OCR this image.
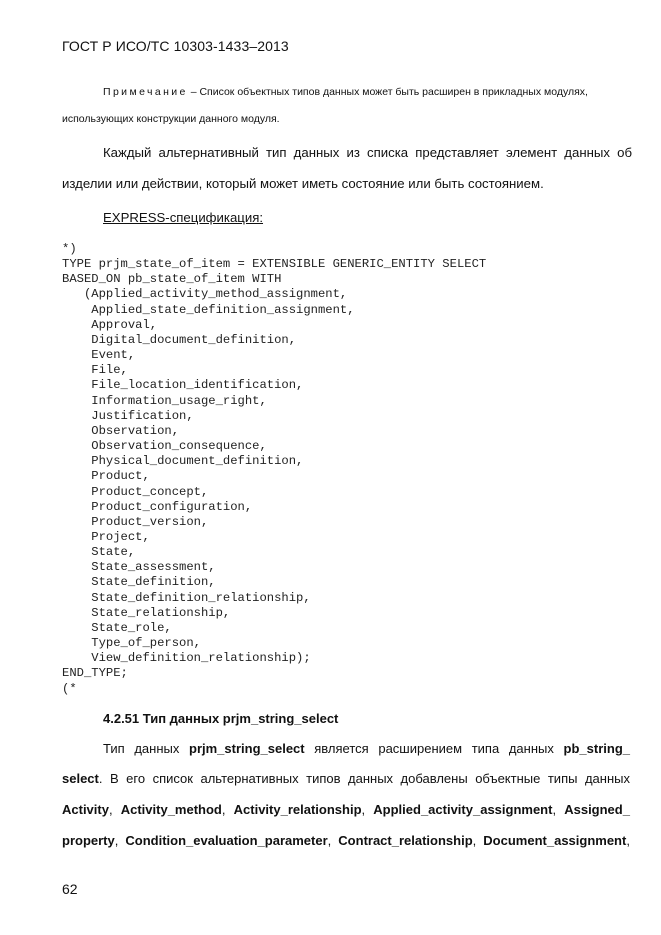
ГОСТ Р ИСО/ТС 10303-1433–2013
Примечание – Список объектных типов данных может быть расширен в прикладных модулях,
использующих конструкции данного модуля.
Каждый альтернативный тип данных из списка представляет элемент данных об
изделии или действии, который может иметь состояние или быть состоянием.
EXPRESS-спецификация:
*)
TYPE prjm_state_of_item = EXTENSIBLE GENERIC_ENTITY SELECT
BASED_ON pb_state_of_item WITH
(Applied_activity_method_assignment,
Applied_state_definition_assignment,
Approval,
Digital_document_definition,
Event,
File,
File_location_identification,
Information_usage_right,
Justification,
Observation,
Observation_consequence,
Physical_document_definition,
Product,
Product_concept,
Product_configuration,
Product_version,
Project,
State,
State_assessment,
State_definition,
State_definition_relationship,
State_relationship,
State_role,
Type_of_person,
View_definition_relationship);
END_TYPE;
(*
4.2.51 Тип данных prjm_string_select
Тип данных prjm_string_select является расширением типа данных pb_string_
select. В его список альтернативных типов данных добавлены объектные типы данных
Activity, Activity_method, Activity_relationship, Applied_activity_assignment, Assigned_
property, Condition_evaluation_parameter, Contract_relationship, Document_assignment,
62
